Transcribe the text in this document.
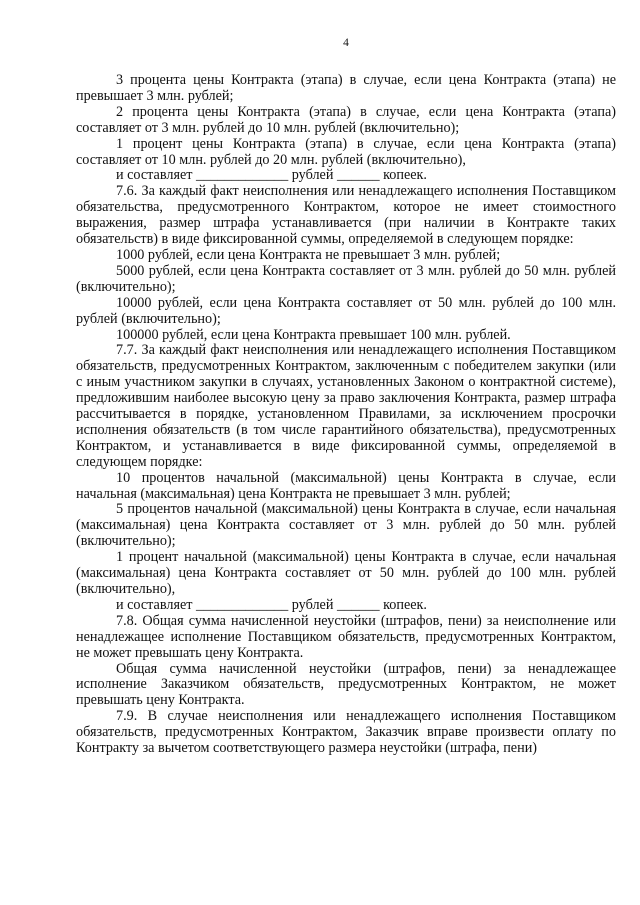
4

3 процента цены Контракта (этапа) в случае, если цена Контракта (этапа) не превышает 3 млн. рублей;

2 процента цены Контракта (этапа) в случае, если цена Контракта (этапа) составляет от 3 млн. рублей до 10 млн. рублей (включительно);

1 процент цены Контракта (этапа) в случае, если цена Контракта (этапа) составляет от 10 млн. рублей до 20 млн. рублей (включительно),

и составляет _____________ рублей ______ копеек.

7.6. За каждый факт неисполнения или ненадлежащего исполнения Поставщиком обязательства, предусмотренного Контрактом, которое не имеет стоимостного выражения, размер штрафа устанавливается (при наличии в Контракте таких обязательств) в виде фиксированной суммы, определяемой в следующем порядке:

1000 рублей, если цена Контракта не превышает 3 млн. рублей;

5000 рублей, если цена Контракта составляет от 3 млн. рублей до 50 млн. рублей (включительно);

10000 рублей, если цена Контракта составляет от 50 млн. рублей до 100 млн. рублей (включительно);

100000 рублей, если цена Контракта превышает 100 млн. рублей.

7.7. За каждый факт неисполнения или ненадлежащего исполнения Поставщиком обязательств, предусмотренных Контрактом, заключенным с победителем закупки (или с иным участником закупки в случаях, установленных Законом о контрактной системе), предложившим наиболее высокую цену за право заключения Контракта, размер штрафа рассчитывается в порядке, установленном Правилами, за исключением просрочки исполнения обязательств (в том числе гарантийного обязательства), предусмотренных Контрактом, и устанавливается в виде фиксированной суммы, определяемой в следующем порядке:

10 процентов начальной (максимальной) цены Контракта в случае, если начальная (максимальная) цена Контракта не превышает 3 млн. рублей;

5 процентов начальной (максимальной) цены Контракта в случае, если начальная (максимальная) цена Контракта составляет от 3 млн. рублей до 50 млн. рублей (включительно);

1 процент начальной (максимальной) цены Контракта в случае, если начальная (максимальная) цена Контракта составляет от 50 млн. рублей до 100 млн. рублей (включительно),

и составляет _____________ рублей ______ копеек.

7.8. Общая сумма начисленной неустойки (штрафов, пени) за неисполнение или ненадлежащее исполнение Поставщиком обязательств, предусмотренных Контрактом, не может превышать цену Контракта.

Общая сумма начисленной неустойки (штрафов, пени) за ненадлежащее исполнение Заказчиком обязательств, предусмотренных Контрактом, не может превышать цену Контракта.

7.9. В случае неисполнения или ненадлежащего исполнения Поставщиком обязательств, предусмотренных Контрактом, Заказчик вправе произвести оплату по Контракту за вычетом соответствующего размера неустойки (штрафа, пени)
